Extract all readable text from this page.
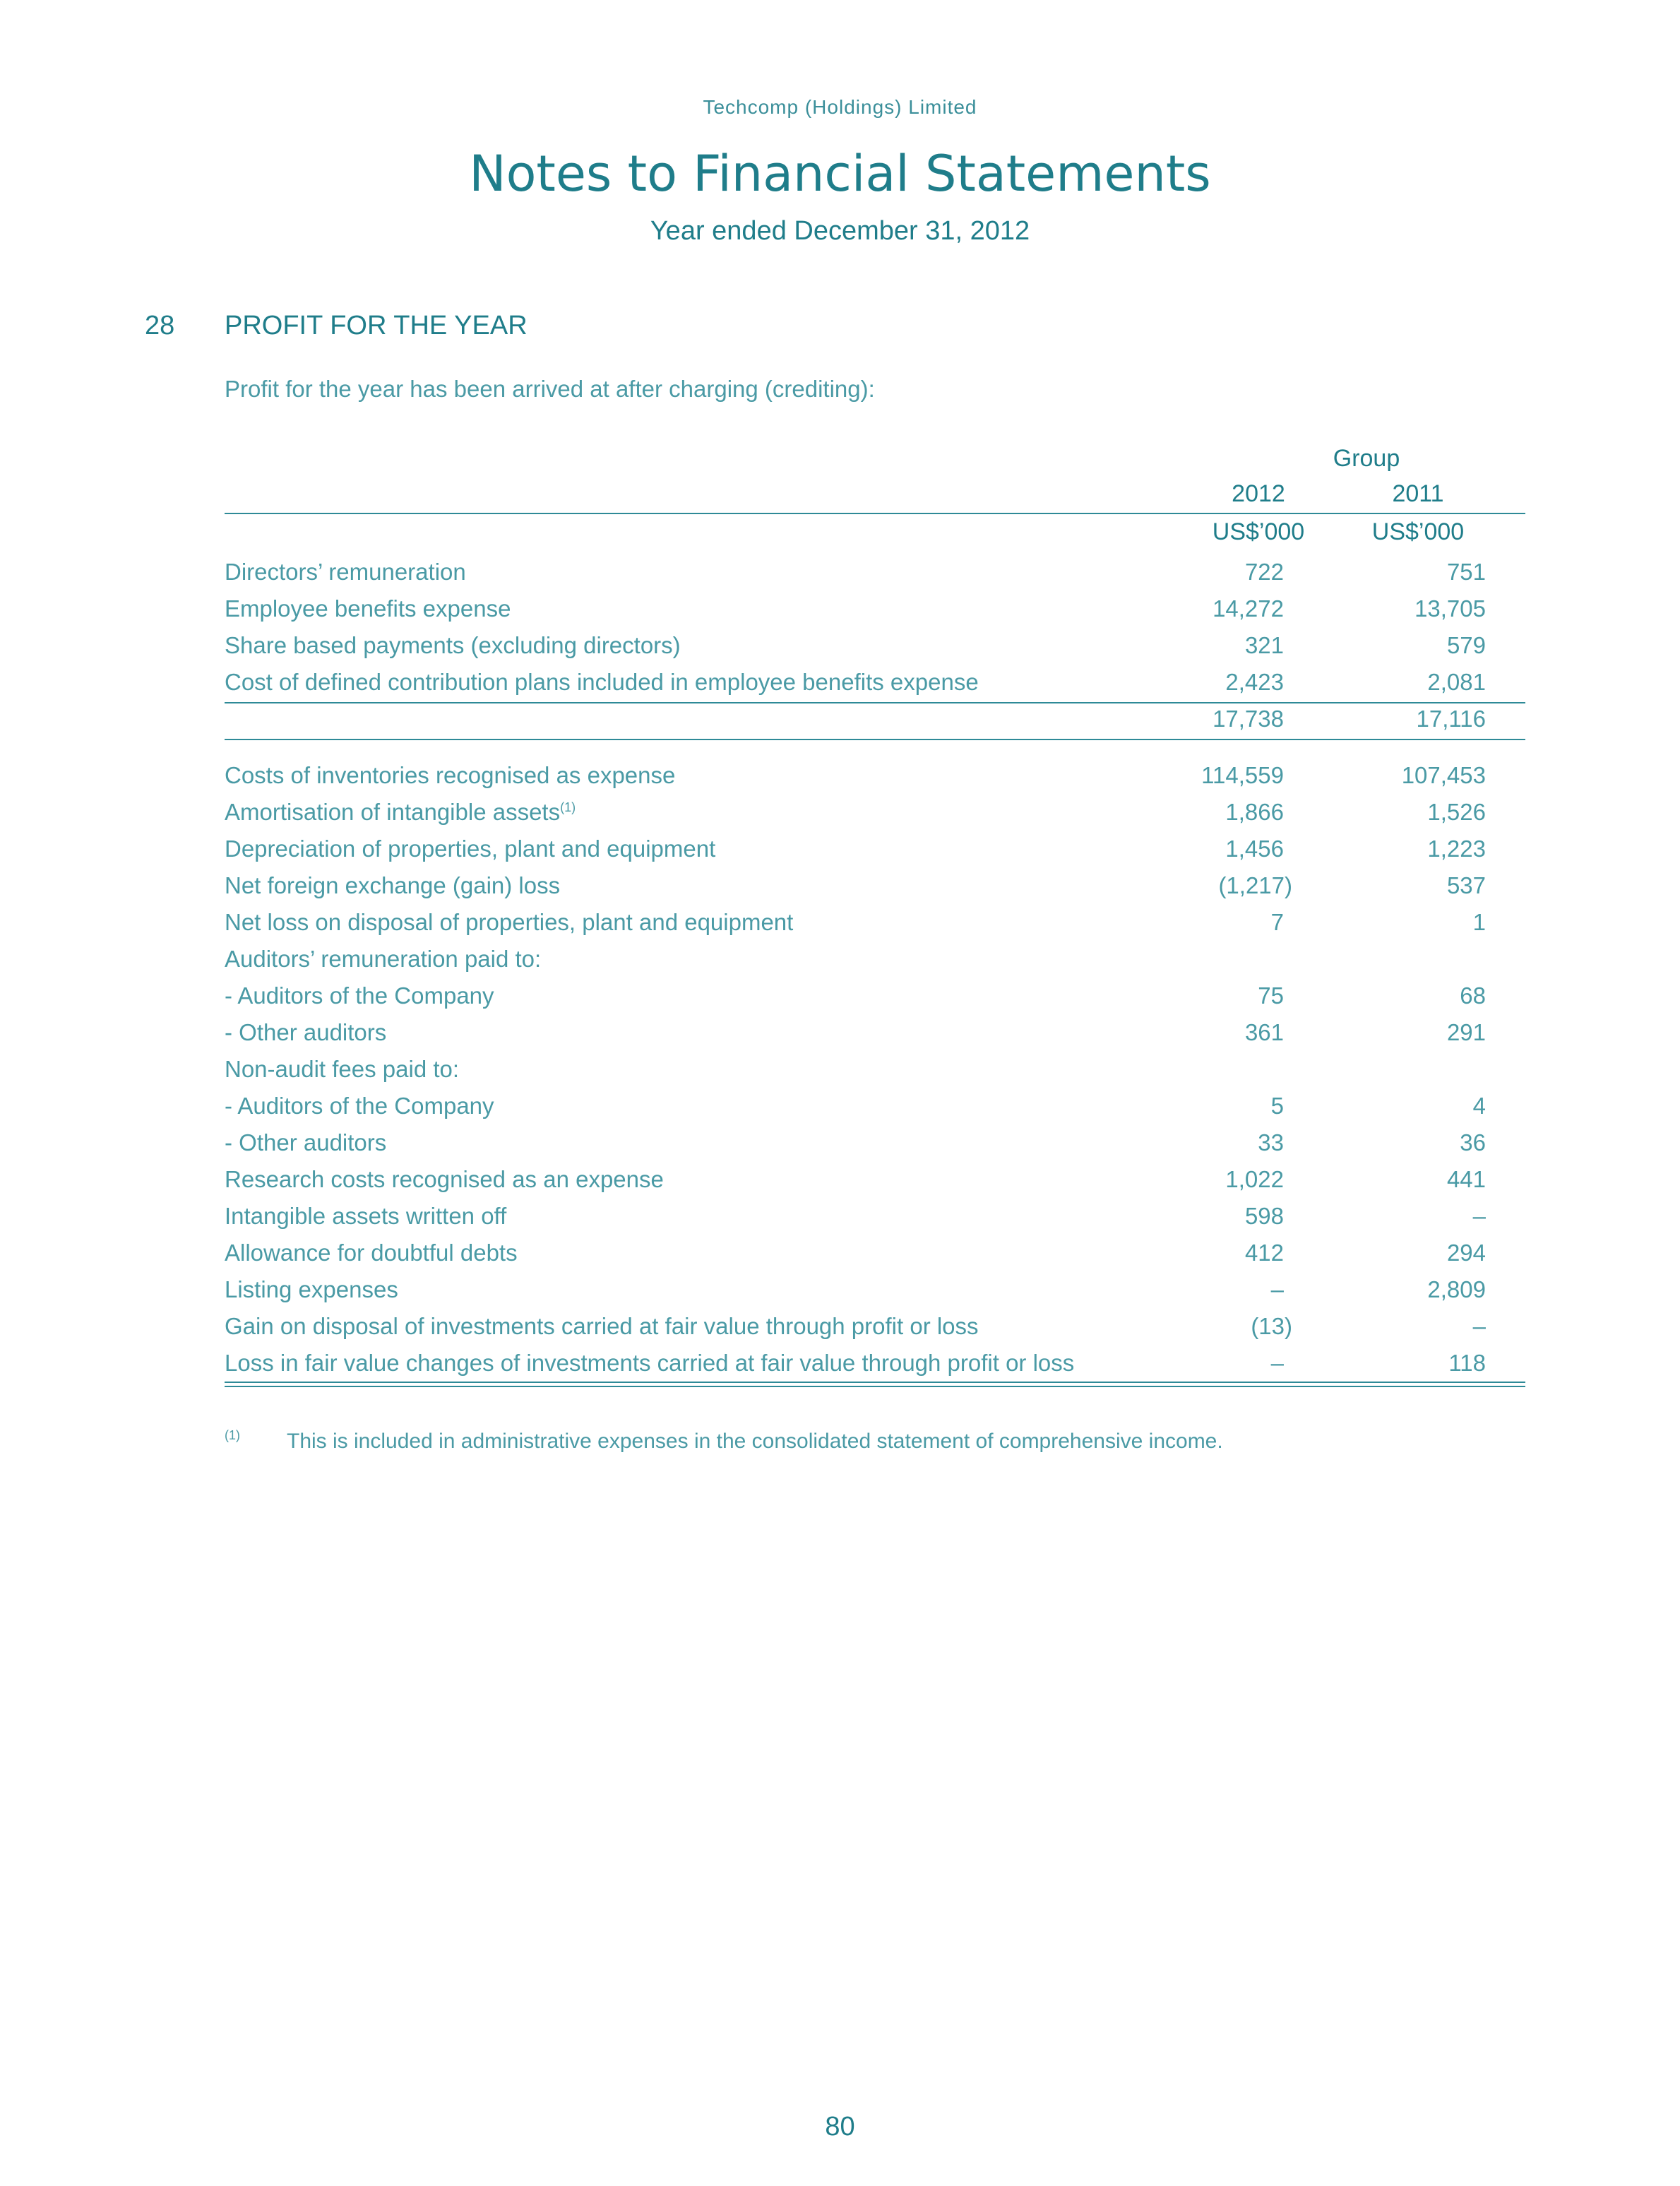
Techcomp (Holdings) Limited
Notes to Financial Statements
Year ended December 31, 2012
28 PROFIT FOR THE YEAR
Profit for the year has been arrived at after charging (crediting):
Group
2012	2011
US$’000	US$’000
Directors’ remuneration	722	751
Employee benefits expense	14,272	13,705
Share based payments (excluding directors)	321	579
Cost of defined contribution plans included in employee benefits expense	2,423	2,081
17,738	17,116
Costs of inventories recognised as expense	114,559	107,453
Amortisation of intangible assets$^{(1)}$	1,866	1,526
Depreciation of properties, plant and equipment	1,456	1,223
Net foreign exchange (gain) loss	(1,217)	537
Net loss on disposal of properties, plant and equipment	7	1
Auditors’ remuneration paid to:
- Auditors of the Company	75	68
- Other auditors	361	291
Non-audit fees paid to:
- Auditors of the Company	5	4
- Other auditors	33	36
Research costs recognised as an expense	1,022	441
Intangible assets written off	598	–
Allowance for doubtful debts	412	294
Listing expenses	–	2,809
Gain on disposal of investments carried at fair value through profit or loss	(13)	–
Loss in fair value changes of investments carried at fair value through profit or loss	–	118
(1) This is included in administrative expenses in the consolidated statement of comprehensive income.
80
